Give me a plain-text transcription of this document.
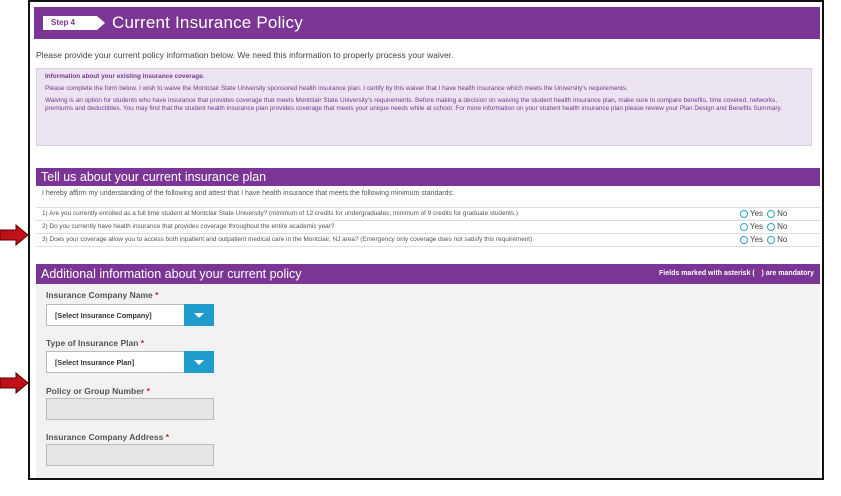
Step 4	Current Insurance Policy
Please provide your current policy information below. We need this information to properly process your waiver.

Information about your existing insurance coverage.

Please complete the form below. I wish to waive the Montclair State University sponsored health insurance plan. I certify by this waiver that I have health insurance which meets the University's requirements.

Waiving is an option for students who have insurance that provides coverage that meets Montclair State University's requirements. Before making a decision on waiving the student health insurance plan, make sure to compare benefits, time covered, networks, premiums and deductibles. You may find that the student health insurance plan provides coverage that meets your unique needs while at school. For more information on your student health insurance plan please review your Plan Design and Benefits Summary.

Tell us about your current insurance plan
I hereby affirm my understanding of the following and attest that I have health insurance that meets the following minimum standards:
1) Are you currently enrolled as a full time student at Montclair State University? (minimum of 12 credits for undergraduates; minimum of 9 credits for graduate students.)	Yes No
2) Do you currently have health insurance that provides coverage throughout the entire academic year?	Yes No
3) Does your coverage allow you to access both inpatient and outpatient medical care in the Montclair, NJ area? (Emergency only coverage does not satisfy this requirement)	Yes No
Additional information about your current policy	Fields marked with asterisk ( * ) are mandatory
Insurance Company Name *
[Select Insurance Company]
Type of Insurance Plan *
[Select Insurance Plan]
Policy or Group Number *
Insurance Company Address *
